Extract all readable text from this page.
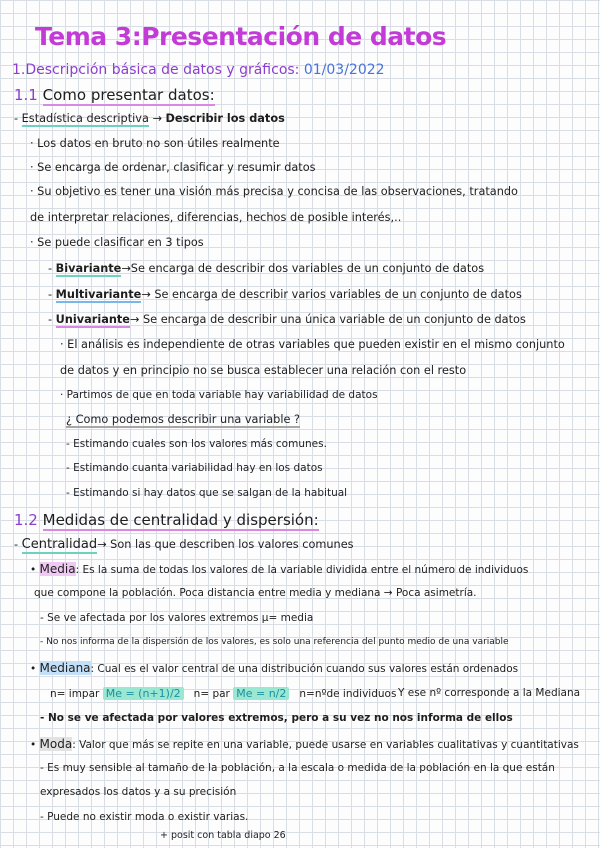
Tema 3:Presentación de datos
1.Descripción básica de datos y gráficos: 01/03/2022
1.1 Como presentar datos:
- Estadística descriptiva → Describir los datos
· Los datos en bruto no son útiles realmente
· Se encarga de ordenar, clasificar y resumir datos
· Su objetivo es tener una visión más precisa y concisa de las observaciones, tratando
de interpretar relaciones, diferencias, hechos de posible interés,..
· Se puede clasificar en 3 tipos
- Bivariante→Se encarga de describir dos variables de un conjunto de datos
- Multivariante→ Se encarga de describir varios variables de un conjunto de datos
- Univariante→ Se encarga de describir una única variable de un conjunto de datos
· El análisis es independiente de otras variables que pueden existir en el mismo conjunto
de datos y en principio no se busca establecer una relación con el resto
· Partimos de que en toda variable hay variabilidad de datos
¿ Como podemos describir una variable ?
- Estimando cuales son los valores más comunes.
- Estimando cuanta variabilidad hay en los datos
- Estimando si hay datos que se salgan de la habitual
1.2 Medidas de centralidad y dispersión:
- Centralidad→ Son las que describen los valores comunes
• Media: Es la suma de todas los valores de la variable dividida entre el número de individuos
que compone la población. Poca distancia entre media y mediana → Poca asimetría.
- Se ve afectada por los valores extremos μ= media
- No nos informa de la dispersión de los valores, es solo una referencia del punto medio de una variable
• Mediana: Cual es el valor central de una distribución cuando sus valores están ordenados
n= impar Me = (n+1)/2 n= par Me = n/2 n=nºde individuos Y ese nº corresponde a la Mediana
- No se ve afectada por valores extremos, pero a su vez no nos informa de ellos
• Moda: Valor que más se repite en una variable, puede usarse en variables cualitativas y cuantitativas
- Es muy sensible al tamaño de la población, a la escala o medida de la población en la que están
expresados los datos y a su precisión
- Puede no existir moda o existir varias.
+ posit con tabla diapo 26
